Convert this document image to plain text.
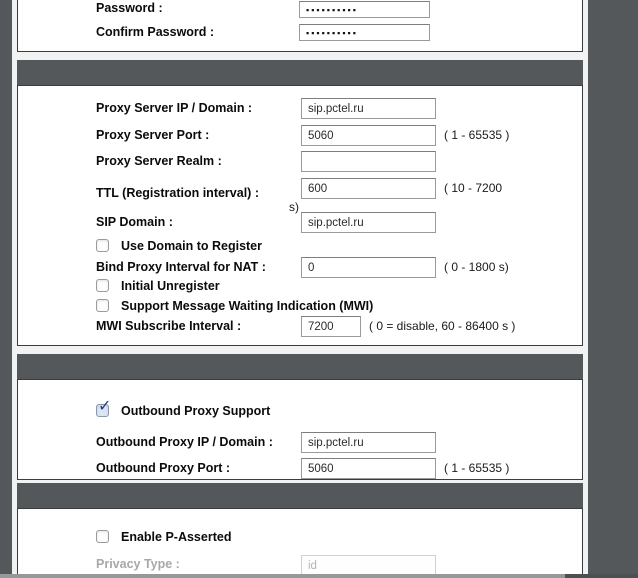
Password :
▪▪▪▪▪▪▪▪▪▪
Confirm Password :
▪▪▪▪▪▪▪▪▪▪
Proxy Server IP / Domain :
sip.pctel.ru
Proxy Server Port :
5060	( 1 - 65535 )
Proxy Server Realm :
TTL (Registration interval) :
600	( 10 - 7200
s)
SIP Domain :
sip.pctel.ru
Use Domain to Register
Bind Proxy Interval for NAT :
0	( 0 - 1800 s)
Initial Unregister
Support Message Waiting Indication (MWI)
MWI Subscribe Interval :
7200	( 0 = disable, 60 - 86400 s )
✓ Outbound Proxy Support
Outbound Proxy IP / Domain :
sip.pctel.ru
Outbound Proxy Port :
5060	( 1 - 65535 )
Enable P-Asserted
Privacy Type :
id
